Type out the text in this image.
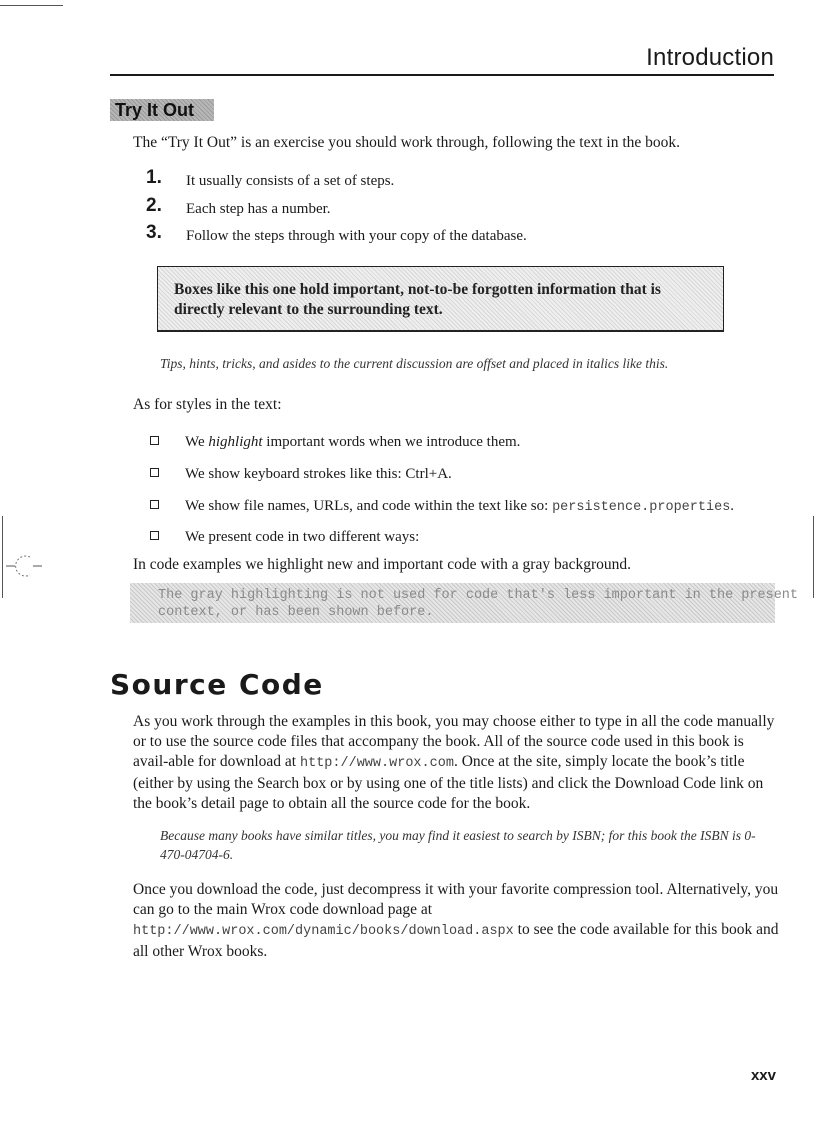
Introduction
Try It Out

The “Try It Out” is an exercise you should work through, following the text in the book.

1.	It usually consists of a set of steps.
2.	Each step has a number.
3.	Follow the steps through with your copy of the database.
Boxes like this one hold important, not-to-be forgotten information that is directly relevant to the surrounding text.
Tips, hints, tricks, and asides to the current discussion are offset and placed in italics like this.

As for styles in the text:

We highlight important words when we introduce them.
We show keyboard strokes like this: Ctrl+A.
We show file names, URLs, and code within the text like so: persistence.properties.
We present code in two different ways:

In code examples we highlight new and important code with a gray background.

The gray highlighting is not used for code that's less important in the present
context, or has been shown before.
Source Code

As you work through the examples in this book, you may choose either to type in all the code manually or to use the source code files that accompany the book. All of the source code used in this book is avail-able for download at http://www.wrox.com. Once at the site, simply locate the book’s title (either by using the Search box or by using one of the title lists) and click the Download Code link on the book’s detail page to obtain all the source code for the book.

Because many books have similar titles, you may find it easiest to search by ISBN; for this book the ISBN is 0-470-04704-6.

Once you download the code, just decompress it with your favorite compression tool. Alternatively, you can go to the main Wrox code download page at http://www.wrox.com/dynamic/books/download.aspx to see the code available for this book and all other Wrox books.

xxv
